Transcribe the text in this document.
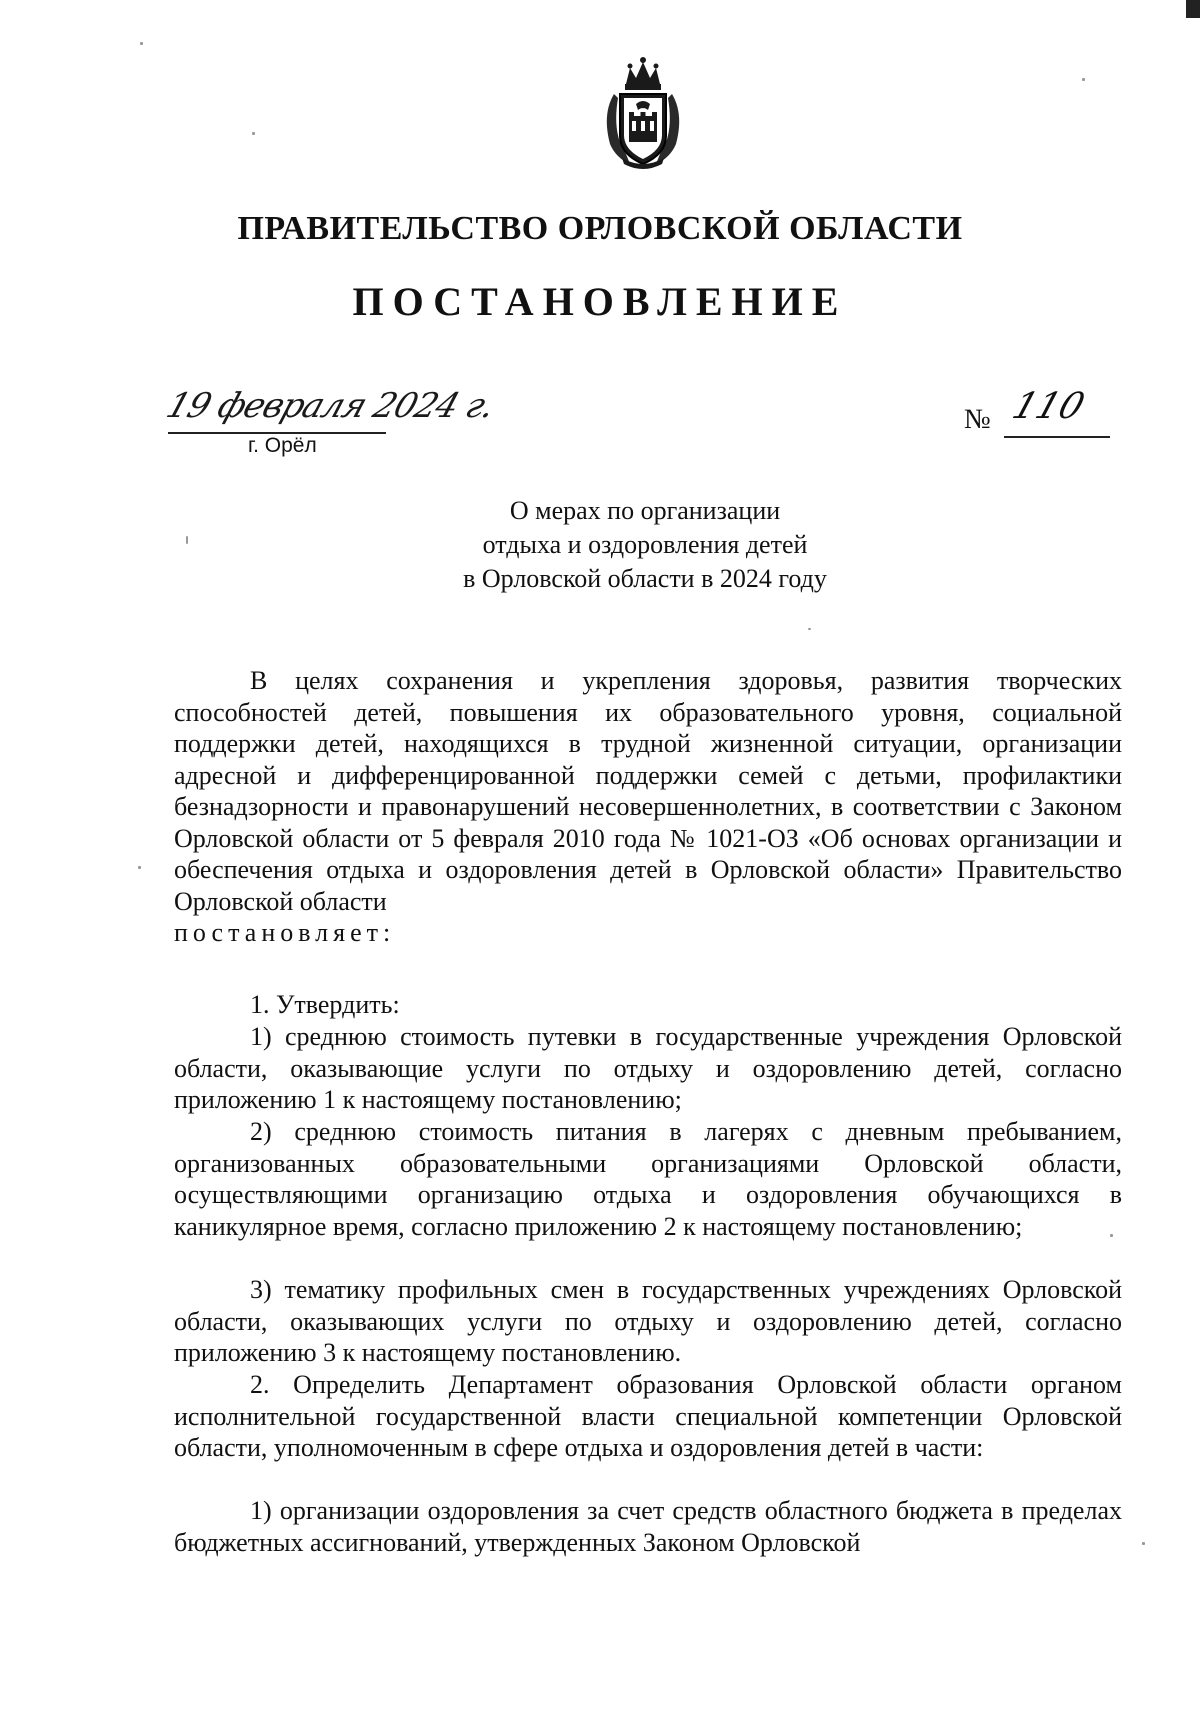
ПРАВИТЕЛЬСТВО ОРЛОВСКОЙ ОБЛАСТИ
ПОСТАНОВЛЕНИЕ
19 февраля 2024 г.
г. Орёл
№ 110
О мерах по организации
отдыха и оздоровления детей
в Орловской области в 2024 году
В целях сохранения и укрепления здоровья, развития творческих способностей детей, повышения их образовательного уровня, социальной поддержки детей, находящихся в трудной жизненной ситуации, организации адресной и дифференцированной поддержки семей с детьми, профилактики безнадзорности и правонарушений несовершеннолетних, в соответствии с Законом Орловской области от 5 февраля 2010 года № 1021-ОЗ «Об основах организации и обеспечения отдыха и оздоровления детей в Орловской области» Правительство Орловской области
постановляет:
1. Утвердить:
1) среднюю стоимость путевки в государственные учреждения Орловской области, оказывающие услуги по отдыху и оздоровлению детей, согласно приложению 1 к настоящему постановлению;
2) среднюю стоимость питания в лагерях с дневным пребыванием, организованных образовательными организациями Орловской области, осуществляющими организацию отдыха и оздоровления обучающихся в каникулярное время, согласно приложению 2 к настоящему постановлению;
3) тематику профильных смен в государственных учреждениях Орловской области, оказывающих услуги по отдыху и оздоровлению детей, согласно приложению 3 к настоящему постановлению.
2. Определить Департамент образования Орловской области органом исполнительной государственной власти специальной компетенции Орловской области, уполномоченным в сфере отдыха и оздоровления детей в части:
1) организации оздоровления за счет средств областного бюджета в пределах бюджетных ассигнований, утвержденных Законом Орловской
